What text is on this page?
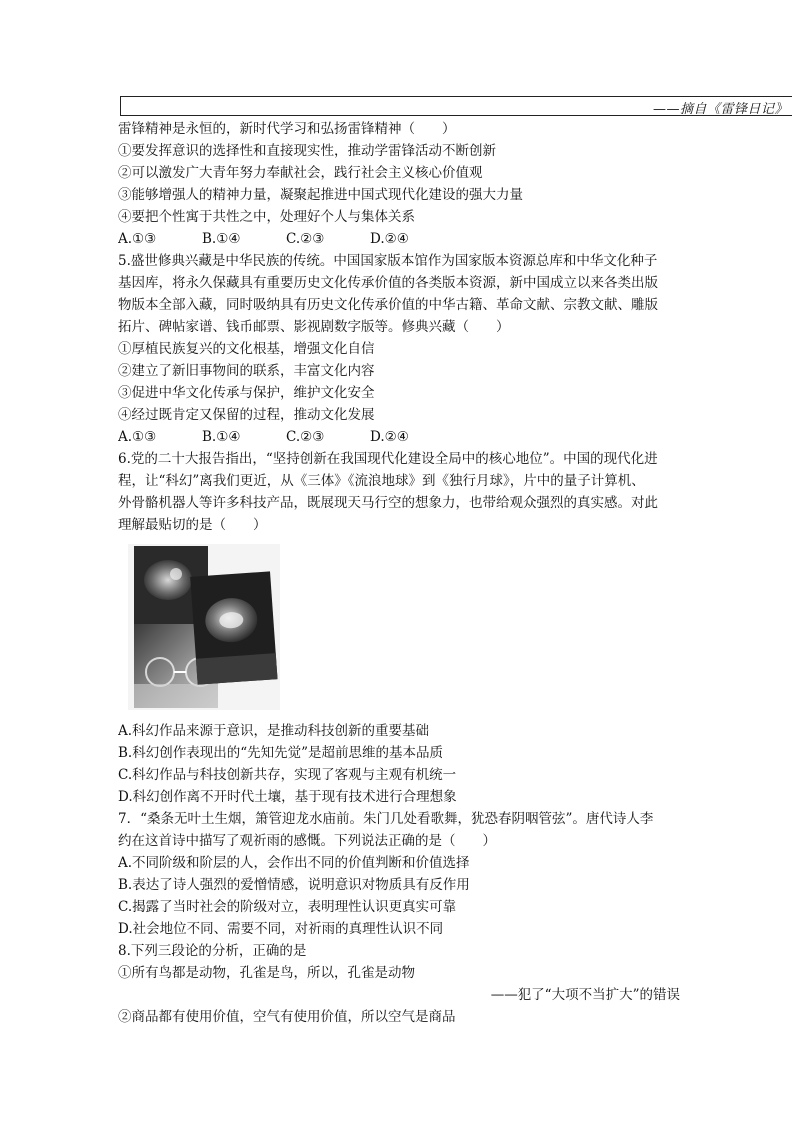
——摘自《雷锋日记》
雷锋精神是永恒的，新时代学习和弘扬雷锋精神（　　）
①要发挥意识的选择性和直接现实性，推动学雷锋活动不断创新
②可以激发广大青年努力奉献社会，践行社会主义核心价值观
③能够增强人的精神力量，凝聚起推进中国式现代化建设的强大力量
④要把个性寓于共性之中，处理好个人与集体关系
A.①③	B.①④	C.②③	D.②④
5.盛世修典兴藏是中华民族的传统。中国国家版本馆作为国家版本资源总库和中华文化种子
基因库，将永久保藏具有重要历史文化传承价值的各类版本资源，新中国成立以来各类出版
物版本全部入藏，同时吸纳具有历史文化传承价值的中华古籍、革命文献、宗教文献、雕版
拓片、碑帖家谱、钱币邮票、影视剧数字版等。修典兴藏（　　）
①厚植民族复兴的文化根基，增强文化自信
②建立了新旧事物间的联系，丰富文化内容
③促进中华文化传承与保护，维护文化安全
④经过既肯定又保留的过程，推动文化发展
A.①③	B.①④	C.②③	D.②④
6.党的二十大报告指出，“坚持创新在我国现代化建设全局中的核心地位”。中国的现代化进
程，让“科幻”离我们更近，从《三体》《流浪地球》到《独行月球》，片中的量子计算机、
外骨骼机器人等许多科技产品，既展现天马行空的想象力，也带给观众强烈的真实感。对此
理解最贴切的是（　　）
A.科幻作品来源于意识，是推动科技创新的重要基础
B.科幻创作表现出的“先知先觉”是超前思维的基本品质
C.科幻作品与科技创新共存，实现了客观与主观有机统一
D.科幻创作离不开时代土壤，基于现有技术进行合理想象
7．“桑条无叶土生烟，箫管迎龙水庙前。朱门几处看歌舞，犹恐春阴咽管弦”。唐代诗人李
约在这首诗中描写了观祈雨的感慨。下列说法正确的是（　　）
A.不同阶级和阶层的人，会作出不同的价值判断和价值选择
B.表达了诗人强烈的爱憎情感，说明意识对物质具有反作用
C.揭露了当时社会的阶级对立，表明理性认识更真实可靠
D.社会地位不同、需要不同，对祈雨的真理性认识不同
8.下列三段论的分析，正确的是
①所有鸟都是动物，孔雀是鸟，所以，孔雀是动物
——犯了“大项不当扩大”的错误
②商品都有使用价值，空气有使用价值，所以空气是商品
